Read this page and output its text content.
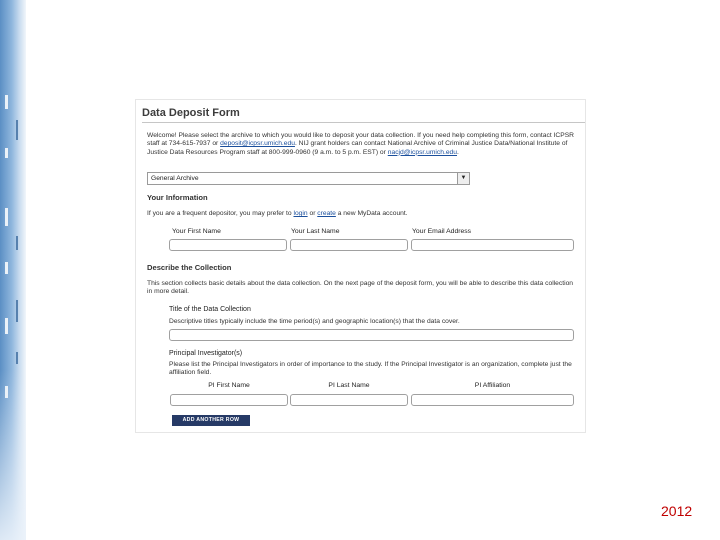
Data Deposit Form
Welcome! Please select the archive to which you would like to deposit your data collection. If you need help completing this form, contact ICPSR staff at 734-615-7937 or deposit@icpsr.umich.edu. NIJ grant holders can contact National Archive of Criminal Justice Data/National Institute of Justice Data Resources Program staff at 800-999-0960 (9 a.m. to 5 p.m. EST) or nacjd@icpsr.umich.edu.
General Archive	▼
Your Information
If you are a frequent depositor, you may prefer to login or create a new MyData account.
Your First Name	Your Last Name	Your Email Address
Describe the Collection
This section collects basic details about the data collection. On the next page of the deposit form, you will be able to describe this data collection in more detail.
Title of the Data Collection
Descriptive titles typically include the time period(s) and geographic location(s) that the data cover.
Principal Investigator(s)
Please list the Principal Investigators in order of importance to the study. If the Principal Investigator is an organization, complete just the affiliation field.
PI First Name	PI Last Name	PI Affiliation
ADD ANOTHER ROW
2012
